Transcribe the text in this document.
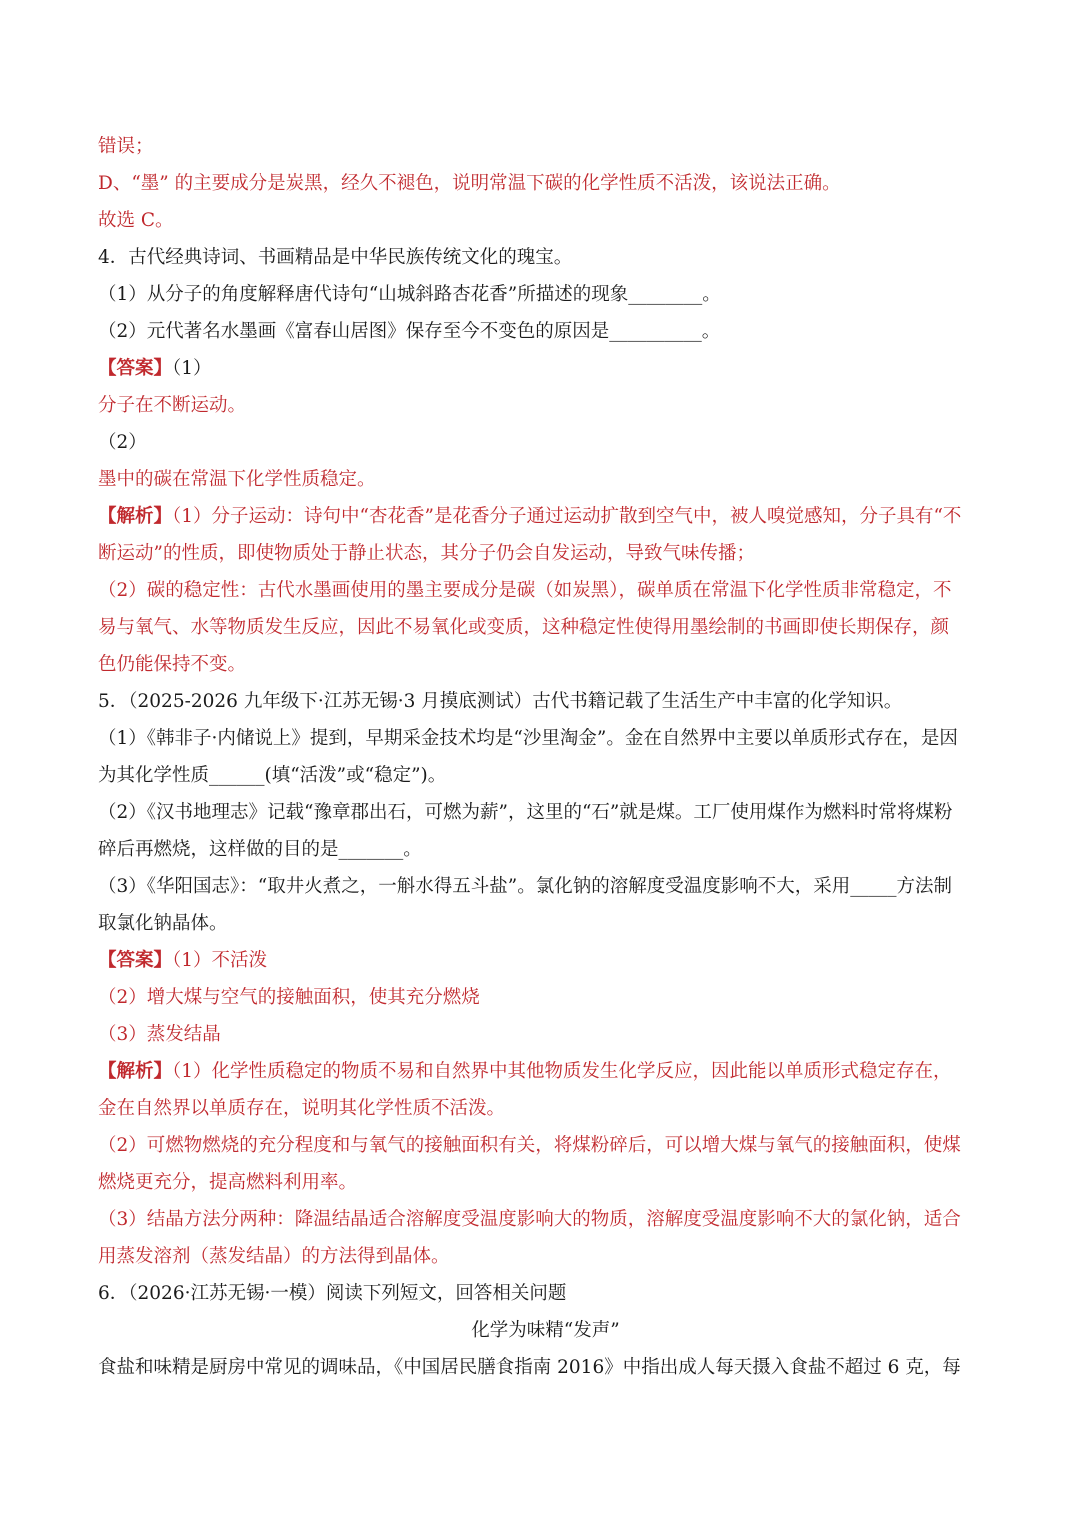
错误；
D、“墨” 的主要成分是炭黑，经久不褪色，说明常温下碳的化学性质不活泼，该说法正确。
故选 C。
4．古代经典诗词、书画精品是中华民族传统文化的瑰宝。
（1）从分子的角度解释唐代诗句“山城斜路杏花香”所描述的现象________。
（2）元代著名水墨画《富春山居图》保存至今不变色的原因是__________。
【答案】（1）
分子在不断运动。
（2）
墨中的碳在常温下化学性质稳定。
【解析】（1）分子运动：诗句中“杏花香”是花香分子通过运动扩散到空气中，被人嗅觉感知，分子具有“不
断运动”的性质，即使物质处于静止状态，其分子仍会自发运动，导致气味传播；
（2）碳的稳定性：古代水墨画使用的墨主要成分是碳（如炭黑），碳单质在常温下化学性质非常稳定，不
易与氧气、水等物质发生反应，因此不易氧化或变质，这种稳定性使得用墨绘制的书画即使长期保存，颜
色仍能保持不变。
5．（2025-2026 九年级下·江苏无锡·3 月摸底测试）古代书籍记载了生活生产中丰富的化学知识。
（1）《韩非子·内储说上》提到，早期采金技术均是“沙里淘金”。金在自然界中主要以单质形式存在，是因
为其化学性质______(填“活泼”或“稳定”)。
（2）《汉书地理志》记载“豫章郡出石，可燃为薪”，这里的“石”就是煤。工厂使用煤作为燃料时常将煤粉
碎后再燃烧，这样做的目的是_______。
（3）《华阳国志》：“取井火煮之，一斛水得五斗盐”。氯化钠的溶解度受温度影响不大，采用_____方法制
取氯化钠晶体。
【答案】（1）不活泼
（2）增大煤与空气的接触面积，使其充分燃烧
（3）蒸发结晶
【解析】（1）化学性质稳定的物质不易和自然界中其他物质发生化学反应，因此能以单质形式稳定存在，
金在自然界以单质存在，说明其化学性质不活泼。
（2）可燃物燃烧的充分程度和与氧气的接触面积有关，将煤粉碎后，可以增大煤与氧气的接触面积，使煤
燃烧更充分，提高燃料利用率。
（3）结晶方法分两种：降温结晶适合溶解度受温度影响大的物质，溶解度受温度影响不大的氯化钠，适合
用蒸发溶剂（蒸发结晶）的方法得到晶体。
6．（2026·江苏无锡·一模）阅读下列短文，回答相关问题
化学为味精“发声”
食盐和味精是厨房中常见的调味品，《中国居民膳食指南 2016》中指出成人每天摄入食盐不超过 6 克，每
